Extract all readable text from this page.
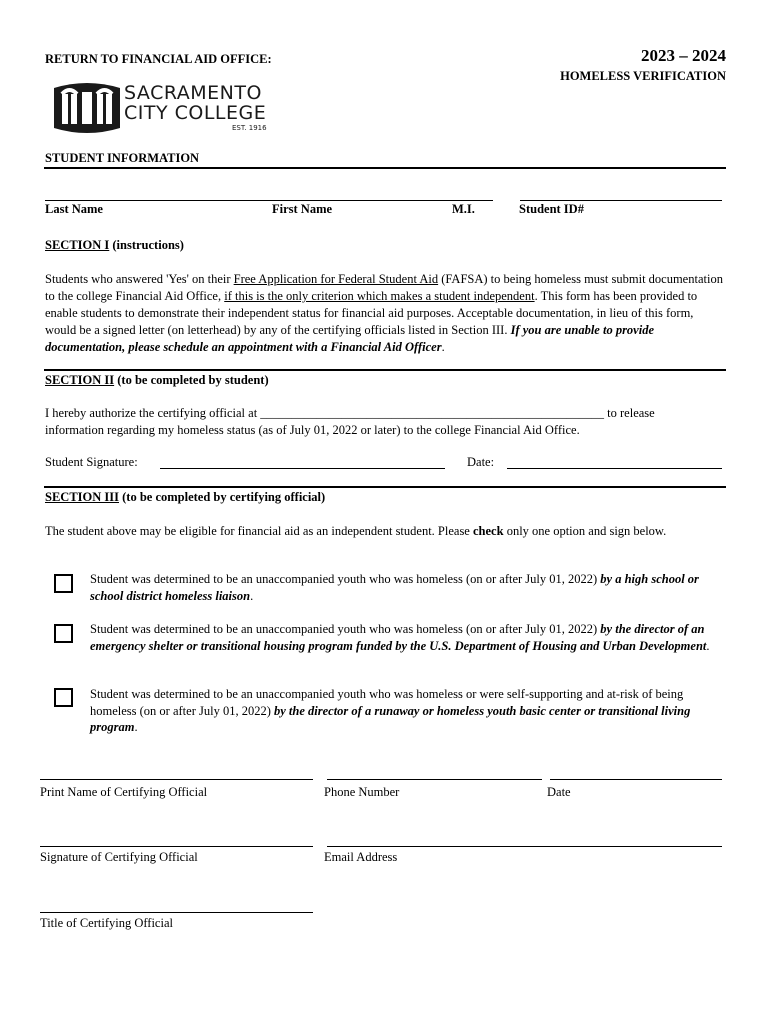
RETURN TO FINANCIAL AID OFFICE:	2023 – 2024
HOMELESS VERIFICATION
SACRAMENTO
CITY COLLEGE
EST. 1916
STUDENT INFORMATION
Last Name	First Name	M.I.	Student ID#
SECTION I (instructions)
Students who answered 'Yes' on their Free Application for Federal Student Aid (FAFSA) to being homeless must submit documentation to the college Financial Aid Office, if this is the only criterion which makes a student independent. This form has been provided to enable students to demonstrate their independent status for financial aid purposes. Acceptable documentation, in lieu of this form, would be a signed letter (on letterhead) by any of the certifying officials listed in Section III. If you are unable to provide documentation, please schedule an appointment with a Financial Aid Officer.
SECTION II (to be completed by student)
I hereby authorize the certifying official at _______________________________________________________ to release
information regarding my homeless status (as of July 01, 2022 or later) to the college Financial Aid Office.
Student Signature:	Date:
SECTION III (to be completed by certifying official)
The student above may be eligible for financial aid as an independent student. Please check only one option and sign below.
Student was determined to be an unaccompanied youth who was homeless (on or after July 01, 2022) by a high school or school district homeless liaison.
Student was determined to be an unaccompanied youth who was homeless (on or after July 01, 2022) by the director of an emergency shelter or transitional housing program funded by the U.S. Department of Housing and Urban Development.
Student was determined to be an unaccompanied youth who was homeless or were self-supporting and at-risk of being homeless (on or after July 01, 2022) by the director of a runaway or homeless youth basic center or transitional living program.
Print Name of Certifying Official	Phone Number	Date
Signature of Certifying Official	Email Address
Title of Certifying Official
